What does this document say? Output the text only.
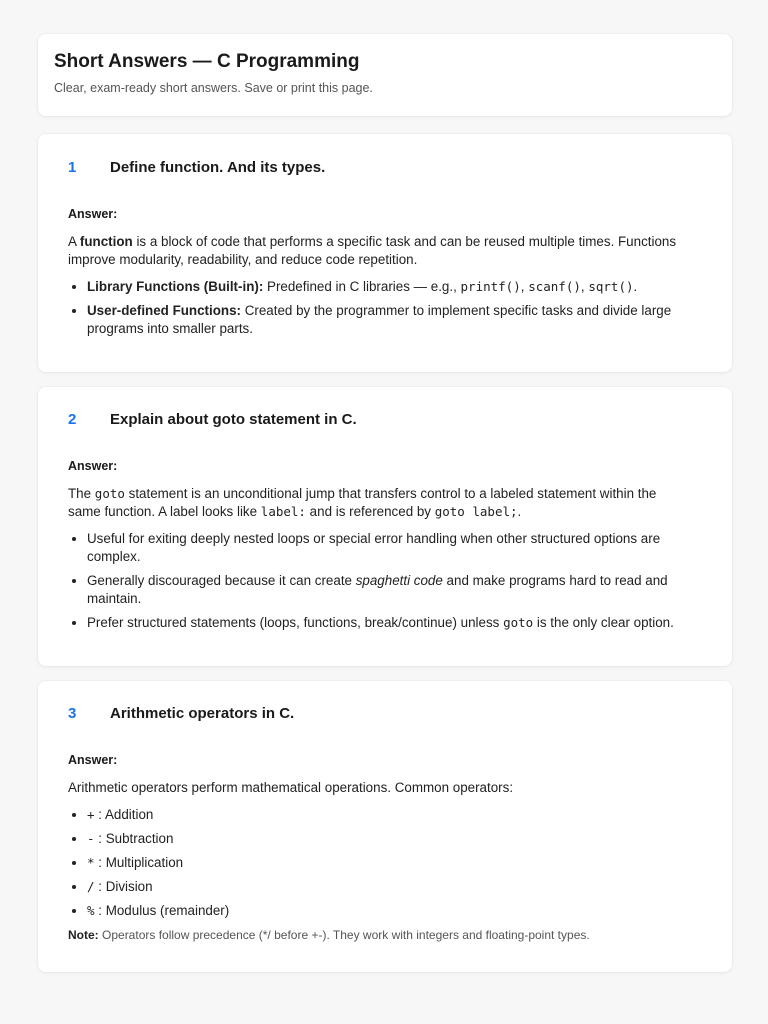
Short Answers — C Programming
Clear, exam-ready short answers. Save or print this page.
1 Define function. And its types.
Answer:

A function is a block of code that performs a specific task and can be reused multiple times. Functions improve modularity, readability, and reduce code repetition.

• Library Functions (Built-in): Predefined in C libraries — e.g., printf(), scanf(), sqrt().
• User-defined Functions: Created by the programmer to implement specific tasks and divide large programs into smaller parts.
2 Explain about goto statement in C.
Answer:

The goto statement is an unconditional jump that transfers control to a labeled statement within the same function. A label looks like label: and is referenced by goto label;.

• Useful for exiting deeply nested loops or special error handling when other structured options are complex.
• Generally discouraged because it can create spaghetti code and make programs hard to read and maintain.
• Prefer structured statements (loops, functions, break/continue) unless goto is the only clear option.
3 Arithmetic operators in C.
Answer:

Arithmetic operators perform mathematical operations. Common operators:

• + : Addition
• - : Subtraction
• * : Multiplication
• / : Division
• % : Modulus (remainder)

Note: Operators follow precedence (*/ before +-). They work with integers and floating-point types.
